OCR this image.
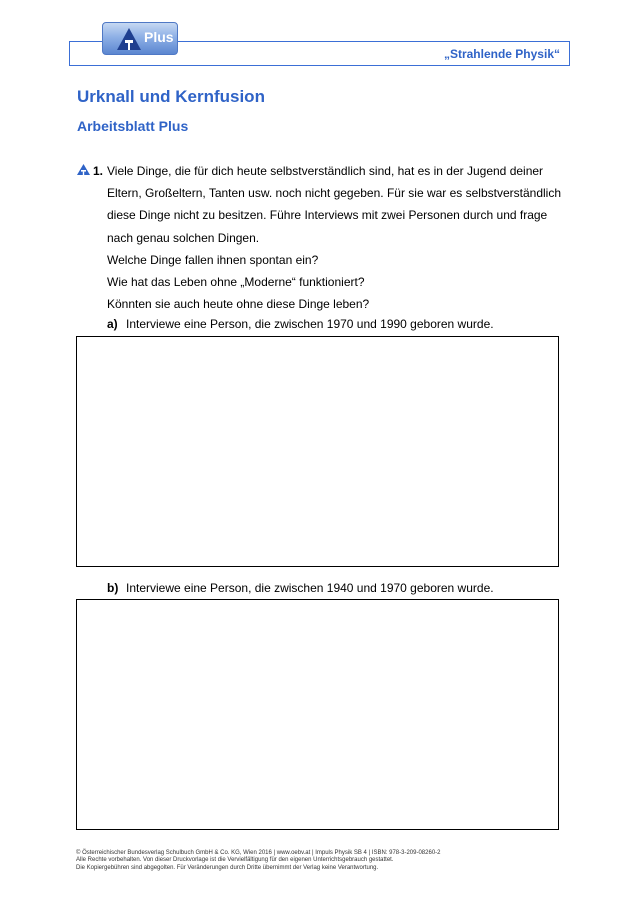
„Strahlende Physik“
Plus
Urknall und Kernfusion
Arbeitsblatt Plus
1. Viele Dinge, die für dich heute selbstverständlich sind, hat es in der Jugend deiner
Eltern, Großeltern, Tanten usw. noch nicht gegeben. Für sie war es selbstverständlich
diese Dinge nicht zu besitzen. Führe Interviews mit zwei Personen durch und frage
nach genau solchen Dingen.
Welche Dinge fallen ihnen spontan ein?
Wie hat das Leben ohne „Moderne“ funktioniert?
Könnten sie auch heute ohne diese Dinge leben?
a) Interviewe eine Person, die zwischen 1970 und 1990 geboren wurde.
b) Interviewe eine Person, die zwischen 1940 und 1970 geboren wurde.
© Österreichischer Bundesverlag Schulbuch GmbH & Co. KG, Wien 2016 | www.oebv.at | Impuls Physik SB 4 | ISBN: 978-3-209-08260-2
Alle Rechte vorbehalten. Von dieser Druckvorlage ist die Vervielfältigung für den eigenen Unterrichtsgebrauch gestattet.
Die Kopiergebühren sind abgegolten. Für Veränderungen durch Dritte übernimmt der Verlag keine Verantwortung.
